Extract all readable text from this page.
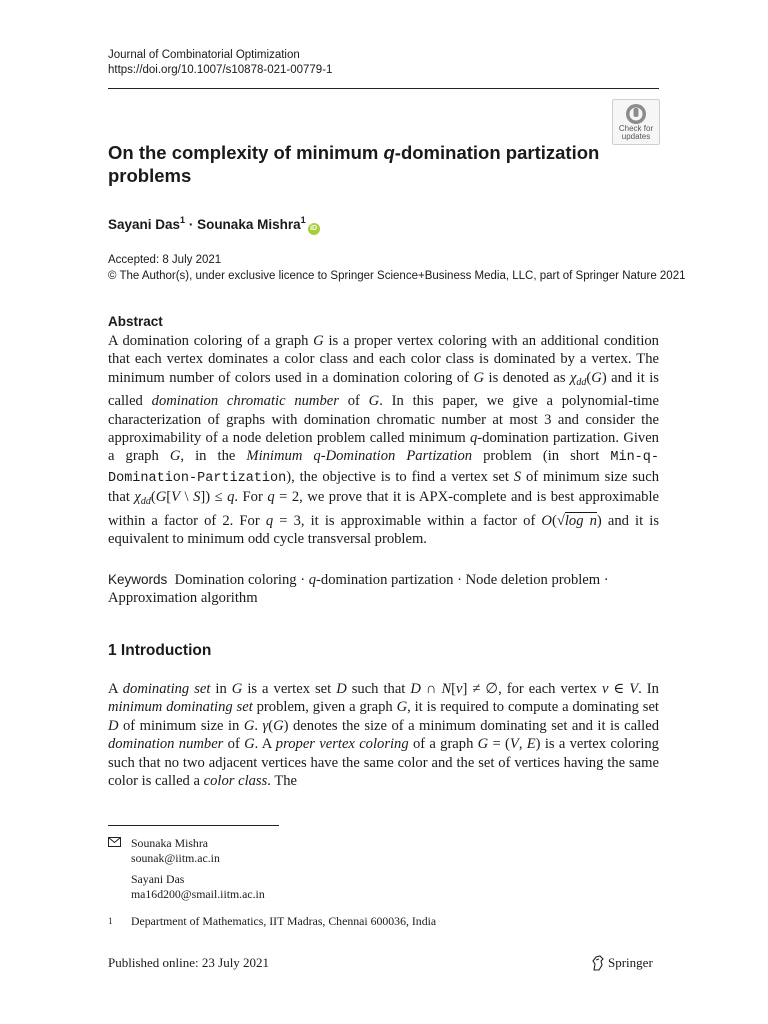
Journal of Combinatorial Optimization
https://doi.org/10.1007/s10878-021-00779-1
Check for
updates
On the complexity of minimum q-domination partization problems
Sayani Das$^1$ · Sounaka Mishra$^1$iD
Accepted: 8 July 2021
© The Author(s), under exclusive licence to Springer Science+Business Media, LLC, part of Springer Nature 2021
Abstract
A domination coloring of a graph G is a proper vertex coloring with an additional condition that each vertex dominates a color class and each color class is dominated by a vertex. The minimum number of colors used in a domination coloring of G is denoted as $\chi_{dd}(G)$ and it is called domination chromatic number of G. In this paper, we give a polynomial-time characterization of graphs with domination chromatic number at most 3 and consider the approximability of a node deletion problem called minimum q-domination partization. Given a graph G, in the Minimum q-Domination Partization problem (in short Min-q-Domination-Partization), the objective is to find a vertex set S of minimum size such that $\chi_{dd}(G[V$ \ S]) ≤ q. For q = 2, we prove that it is APX-complete and is best approximable within a factor of 2. For q = 3, it is approximable within a factor of O(√log n) and it is equivalent to minimum odd cycle transversal problem.
Keywords  Domination coloring · q-domination partization · Node deletion problem · Approximation algorithm
1 Introduction
A dominating set in G is a vertex set D such that D ∩ N[v] ≠ ∅, for each vertex v ∈ V. In minimum dominating set problem, given a graph G, it is required to compute a dominating set D of minimum size in G. γ(G) denotes the size of a minimum dominating set and it is called domination number of G. A proper vertex coloring of a graph G = (V, E) is a vertex coloring such that no two adjacent vertices have the same color and the set of vertices having the same color is called a color class. The
Sounaka Mishra
sounak@iitm.ac.in
Sayani Das
ma16d200@smail.iitm.ac.in
1	Department of Mathematics, IIT Madras, Chennai 600036, India
Published online: 23 July 2021	Springer
